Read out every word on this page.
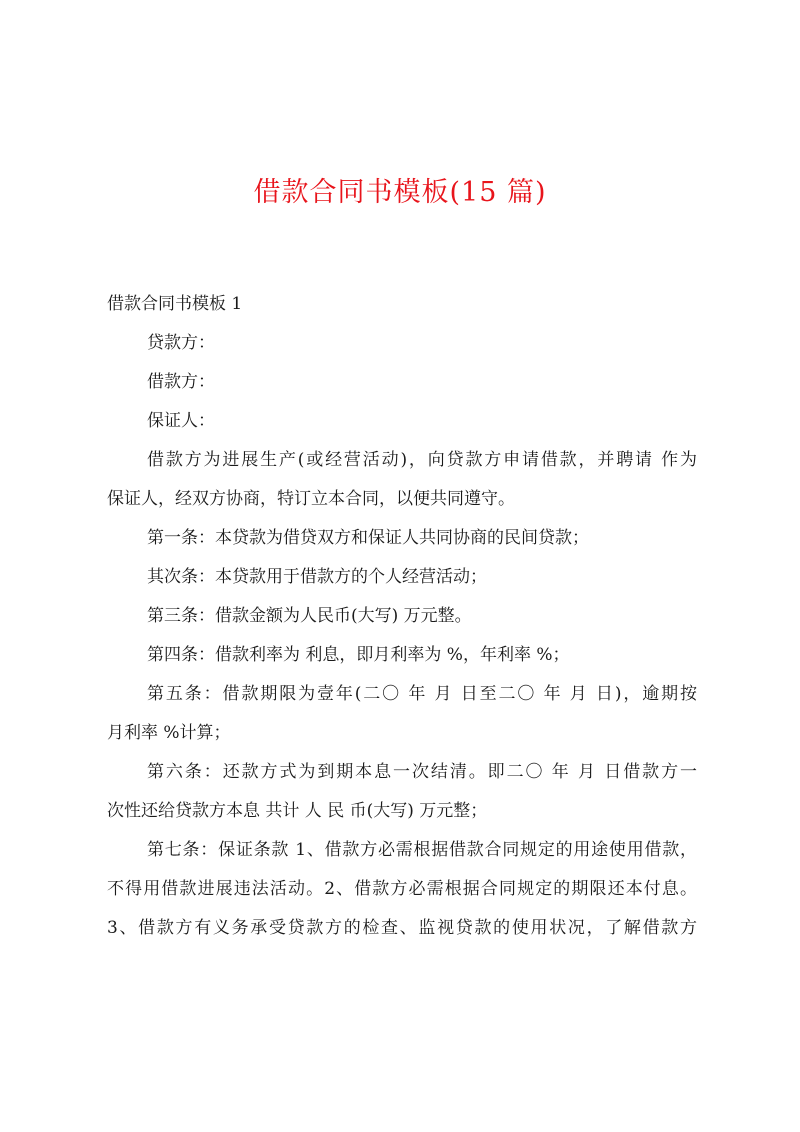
借款合同书模板(15 篇)

借款合同书模板 1

贷款方：

借款方：

保证人：

借款方为进展生产(或经营活动)，向贷款方申请借款，并聘请 作为

保证人，经双方协商，特订立本合同，以便共同遵守。

第一条：本贷款为借贷双方和保证人共同协商的民间贷款；

其次条：本贷款用于借款方的个人经营活动；

第三条：借款金额为人民币(大写) 万元整。

第四条：借款利率为 利息，即月利率为 %，年利率 %；

第五条：借款期限为壹年(二〇 年 月 日至二〇 年 月 日)，逾期按

月利率 %计算；

第六条：还款方式为到期本息一次结清。即二〇 年 月 日借款方一

次性还给贷款方本息 共计 人 民 币(大写) 万元整；

第七条：保证条款 1、借款方必需根据借款合同规定的用途使用借款，

不得用借款进展违法活动。2、借款方必需根据合同规定的期限还本付息。

3、借款方有义务承受贷款方的检查、监视贷款的使用状况，了解借款方
